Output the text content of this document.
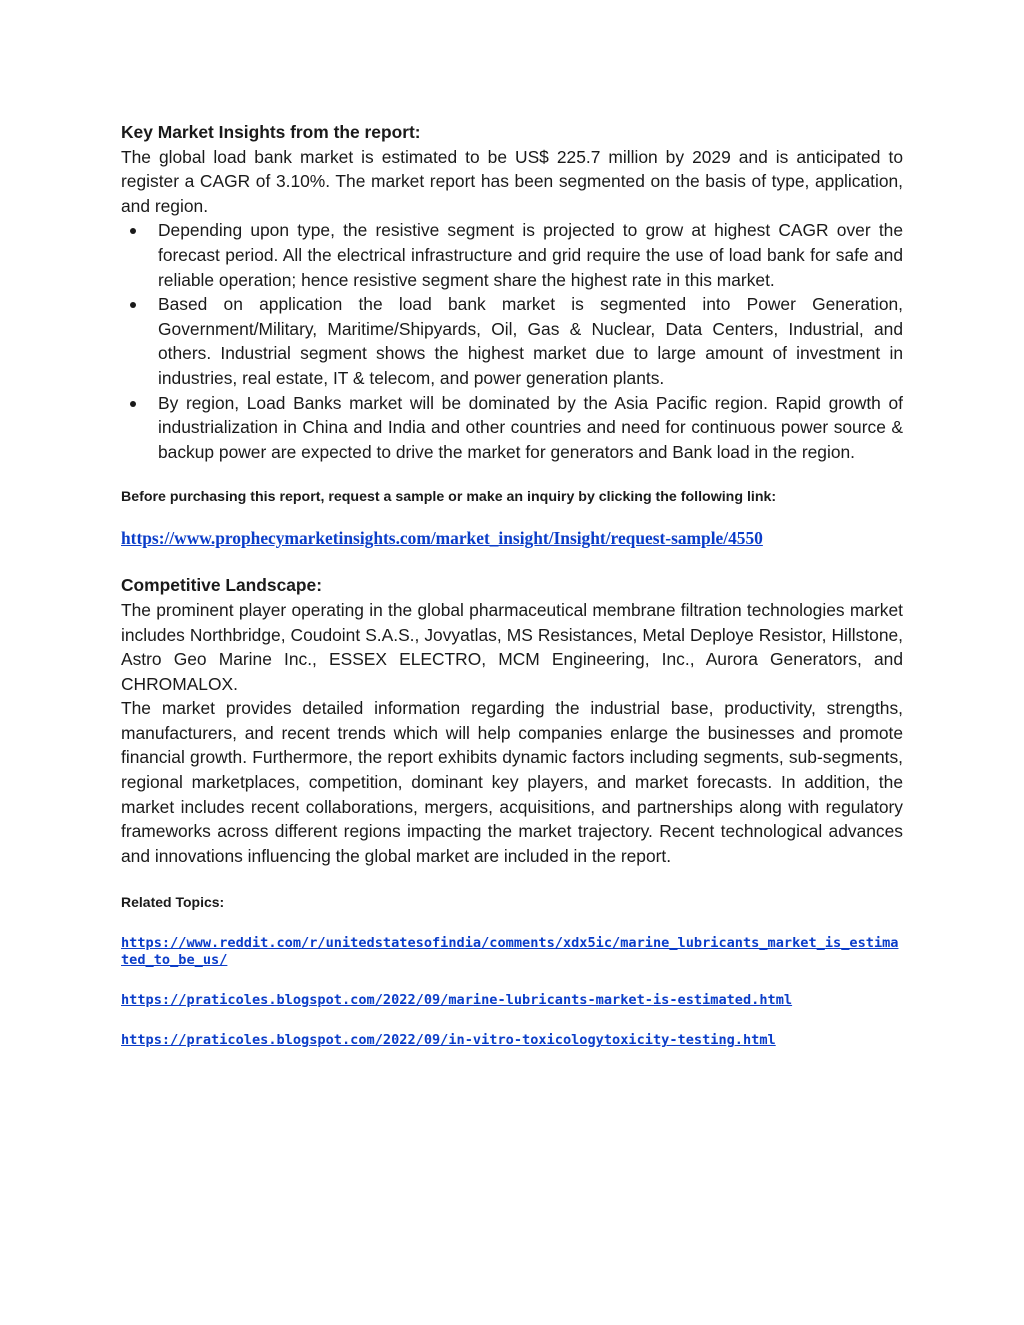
Key Market Insights from the report:

The global load bank market is estimated to be US$ 225.7 million by 2029 and is anticipated to register a CAGR of 3.10%. The market report has been segmented on the basis of type, application, and region.

Depending upon type, the resistive segment is projected to grow at highest CAGR over the forecast period. All the electrical infrastructure and grid require the use of load bank for safe and reliable operation; hence resistive segment share the highest rate in this market.
Based on application the load bank market is segmented into Power Generation, Government/Military, Maritime/Shipyards, Oil, Gas & Nuclear, Data Centers, Industrial, and others. Industrial segment shows the highest market due to large amount of investment in industries, real estate, IT & telecom, and power generation plants.
By region, Load Banks market will be dominated by the Asia Pacific region. Rapid growth of industrialization in China and India and other countries and need for continuous power source & backup power are expected to drive the market for generators and Bank load in the region.

Before purchasing this report, request a sample or make an inquiry by clicking the following link:

https://www.prophecymarketinsights.com/market_insight/Insight/request-sample/4550

Competitive Landscape:

The prominent player operating in the global pharmaceutical membrane filtration technologies market includes Northbridge, Coudoint S.A.S., Jovyatlas, MS Resistances, Metal Deploye Resistor, Hillstone, Astro Geo Marine Inc., ESSEX ELECTRO, MCM Engineering, Inc., Aurora Generators, and CHROMALOX.

The market provides detailed information regarding the industrial base, productivity, strengths, manufacturers, and recent trends which will help companies enlarge the businesses and promote financial growth. Furthermore, the report exhibits dynamic factors including segments, sub-segments, regional marketplaces, competition, dominant key players, and market forecasts. In addition, the market includes recent collaborations, mergers, acquisitions, and partnerships along with regulatory frameworks across different regions impacting the market trajectory. Recent technological advances and innovations influencing the global market are included in the report.

Related Topics:

https://www.reddit.com/r/unitedstatesofindia/comments/xdx5ic/marine_lubricants_market_is_estimated_to_be_us/
https://praticoles.blogspot.com/2022/09/marine-lubricants-market-is-estimated.html
https://praticoles.blogspot.com/2022/09/in-vitro-toxicologytoxicity-testing.html
